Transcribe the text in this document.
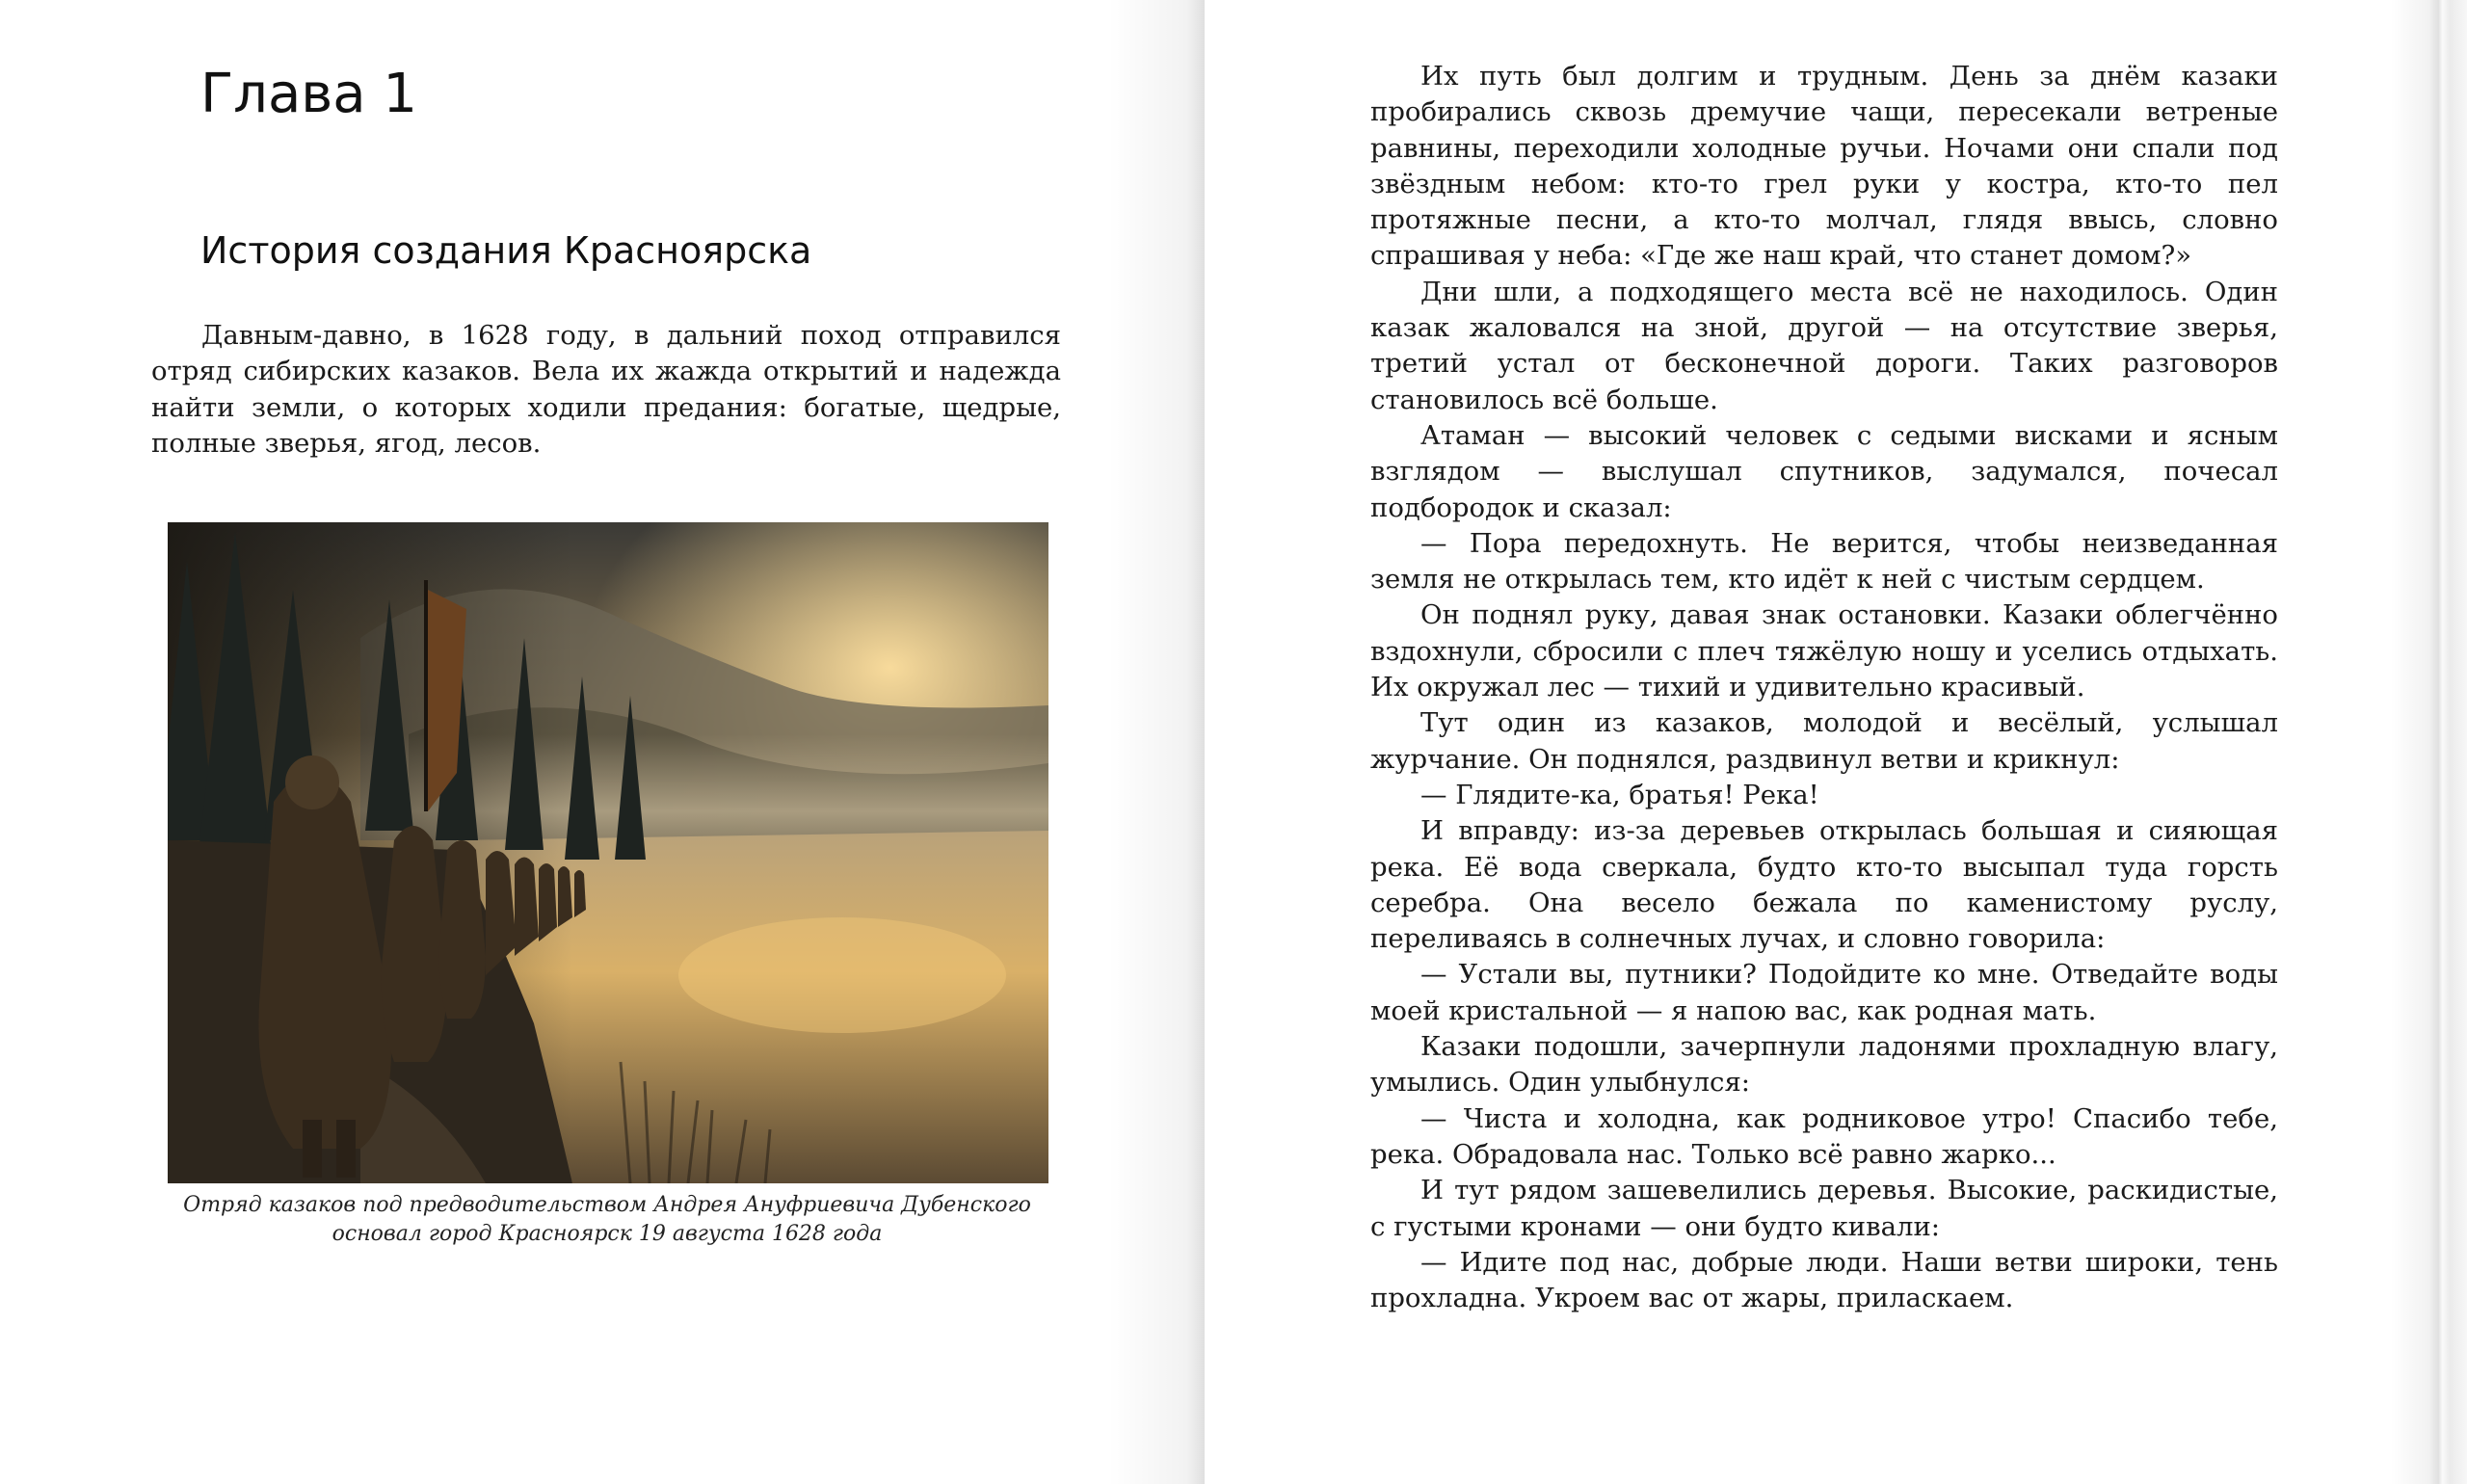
Глава 1
История создания Красноярска

Давным-давно, в 1628 году, в дальний поход отправился отряд сибирских казаков. Вела их жажда открытий и надежда найти земли, о которых ходили предания: богатые, щедрые, полные зверья, ягод, лесов.

Отряд казаков под предводительством Андрея Ануфриевича Дубенского основал город Красноярск 19 августа 1628 года

Их путь был долгим и трудным. День за днём казаки пробирались сквозь дремучие чащи, пересекали ветреные равнины, переходили холодные ручьи. Ночами они спали под звёздным небом: кто-то грел руки у костра, кто-то пел протяжные песни, а кто-то молчал, глядя ввысь, словно спрашивая у неба: «Где же наш край, что станет домом?»

Дни шли, а подходящего места всё не находилось. Один казак жаловался на зной, другой — на отсутствие зверья, третий устал от бесконечной дороги. Таких разговоров становилось всё больше.

Атаман — высокий человек с седыми висками и ясным взглядом — выслушал спутников, задумался, почесал подбородок и сказал:

— Пора передохнуть. Не верится, чтобы неизведанная земля не открылась тем, кто идёт к ней с чистым сердцем.

Он поднял руку, давая знак остановки. Казаки облегчённо вздохнули, сбросили с плеч тяжёлую ношу и уселись отдыхать. Их окружал лес — тихий и удивительно красивый.

Тут один из казаков, молодой и весёлый, услышал журчание. Он поднялся, раздвинул ветви и крикнул:

— Глядите-ка, братья! Река!

И вправду: из-за деревьев открылась большая и сияющая река. Её вода сверкала, будто кто-то высыпал туда горсть серебра. Она весело бежала по каменистому руслу, переливаясь в солнечных лучах, и словно говорила:

— Устали вы, путники? Подойдите ко мне. Отведайте воды моей кристальной — я напою вас, как родная мать.

Казаки подошли, зачерпнули ладонями прохладную влагу, умылись. Один улыбнулся:

— Чиста и холодна, как родниковое утро! Спасибо тебе, река. Обрадовала нас. Только всё равно жарко...

И тут рядом зашевелились деревья. Высокие, раскидистые, с густыми кронами — они будто кивали:

— Идите под нас, добрые люди. Наши ветви широки, тень прохладна. Укроем вас от жары, приласкаем.
